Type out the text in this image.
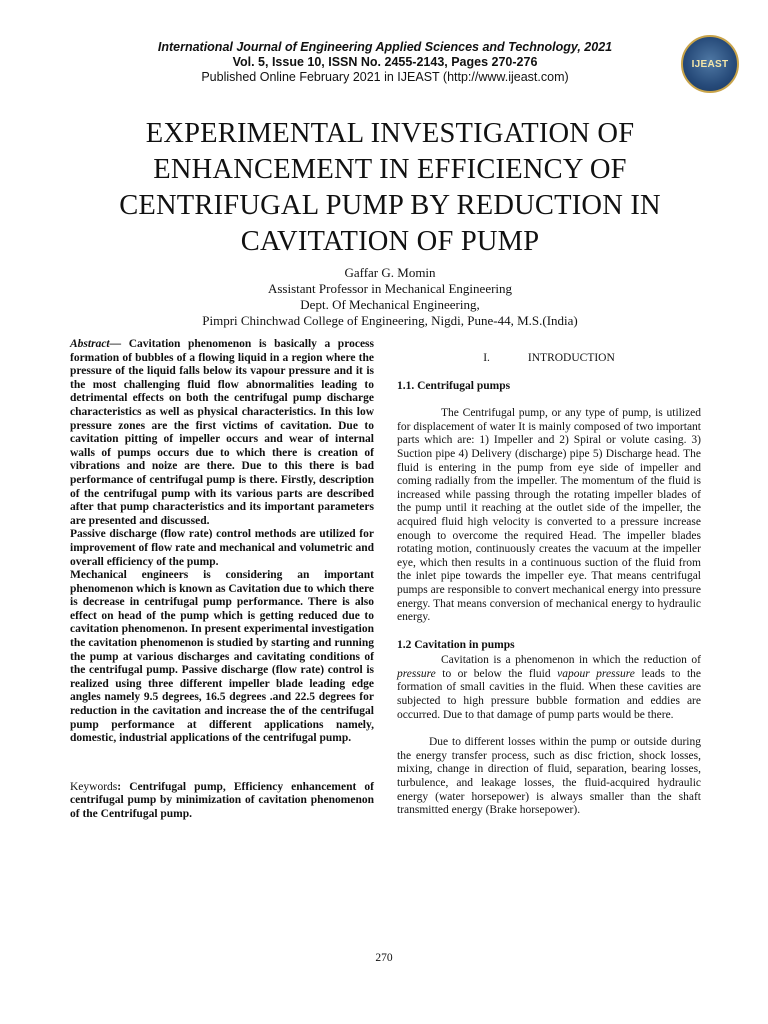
International Journal of Engineering Applied Sciences and Technology, 2021
Vol. 5, Issue 10, ISSN No. 2455-2143, Pages 270-276
Published Online February 2021 in IJEAST (http://www.ijeast.com)
IJEAST
EXPERIMENTAL INVESTIGATION OF
ENHANCEMENT IN EFFICIENCY OF
CENTRIFUGAL PUMP BY REDUCTION IN
CAVITATION OF PUMP
Gaffar G. Momin
Assistant Professor in Mechanical Engineering
Dept. Of Mechanical Engineering,
Pimpri Chinchwad College of Engineering, Nigdi, Pune-44, M.S.(India)

Abstract— Cavitation phenomenon is basically a process formation of bubbles of a flowing liquid in a region where the pressure of the liquid falls below its vapour pressure and it is the most challenging fluid flow abnormalities leading to detrimental effects on both the centrifugal pump discharge characteristics as well as physical characteristics. In this low pressure zones are the first victims of cavitation. Due to cavitation pitting of impeller occurs and wear of internal walls of pumps occurs due to which there is creation of vibrations and noize are there. Due to this there is bad performance of centrifugal pump is there. Firstly, description of the centrifugal pump with its various parts are described after that pump characteristics and its important parameters are presented and discussed.

Passive discharge (flow rate) control methods are utilized for improvement of flow rate and mechanical and volumetric and overall efficiency of the pump.

Mechanical engineers is considering an important phenomenon which is known as Cavitation due to which there is decrease in centrifugal pump performance. There is also effect on head of the pump which is getting reduced due to cavitation phenomenon. In present experimental investigation the cavitation phenomenon is studied by starting and running the pump at various discharges and cavitating conditions of the centrifugal pump. Passive discharge (flow rate) control is realized using three different impeller blade leading edge angles namely 9.5 degrees, 16.5 degrees .and 22.5 degrees for reduction in the cavitation and increase the of the centrifugal pump performance at different applications namely, domestic, industrial applications of the centrifugal pump.

Keywords: Centrifugal pump, Efficiency enhancement of centrifugal pump by minimization of cavitation phenomenon of the Centrifugal pump.

I.	INTRODUCTION

1.1. Centrifugal pumps

The Centrifugal pump, or any type of pump, is utilized for displacement of water It is mainly composed of two important parts which are: 1) Impeller and 2) Spiral or volute casing. 3) Suction pipe 4) Delivery (discharge) pipe 5) Discharge head. The fluid is entering in the pump from eye side of impeller and coming radially from the impeller. The momentum of the fluid is increased while passing through the rotating impeller blades of the pump until it reaching at the outlet side of the impeller, the acquired fluid high velocity is converted to a pressure increase enough to overcome the required Head. The impeller blades rotating motion, continuously creates the vacuum at the impeller eye, which then results in a continuous suction of the fluid from the inlet pipe towards the impeller eye. That means centrifugal pumps are responsible to convert mechanical energy into pressure energy. That means conversion of mechanical energy to hydraulic energy.

1.2 Cavitation in pumps

Cavitation is a phenomenon in which the reduction of pressure to or below the fluid vapour pressure leads to the formation of small cavities in the fluid. When these cavities are subjected to high pressure bubble formation and eddies are occurred. Due to that damage of pump parts would be there.

Due to different losses within the pump or outside during the energy transfer process, such as disc friction, shock losses, mixing, change in direction of fluid, separation, bearing losses, turbulence, and leakage losses, the fluid-acquired hydraulic energy (water horsepower) is always smaller than the shaft transmitted energy (Brake horsepower).

270
